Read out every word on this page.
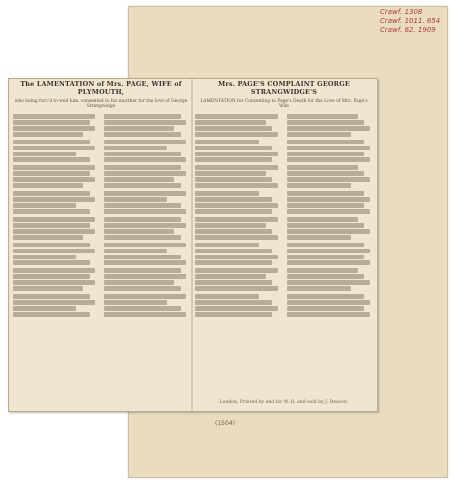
Crawf. 1308
Crawf. 1011. 654
Crawf. 62. 1909
The LAMENTATION of Mrs. PAGE, WIFE of PLYMOUTH,
who being forc'd to wed him, consented to his murther for the love of George Strangwidge
Mrs. PAGE'S COMPLAINT GEORGE STRANGWIDGE'S
LAMENTATION for Consenting to Page's Death for the Love of Mrs. Page's Wife
London, Printed by and for W. O. and sold by J. Deacon.
(1504)
